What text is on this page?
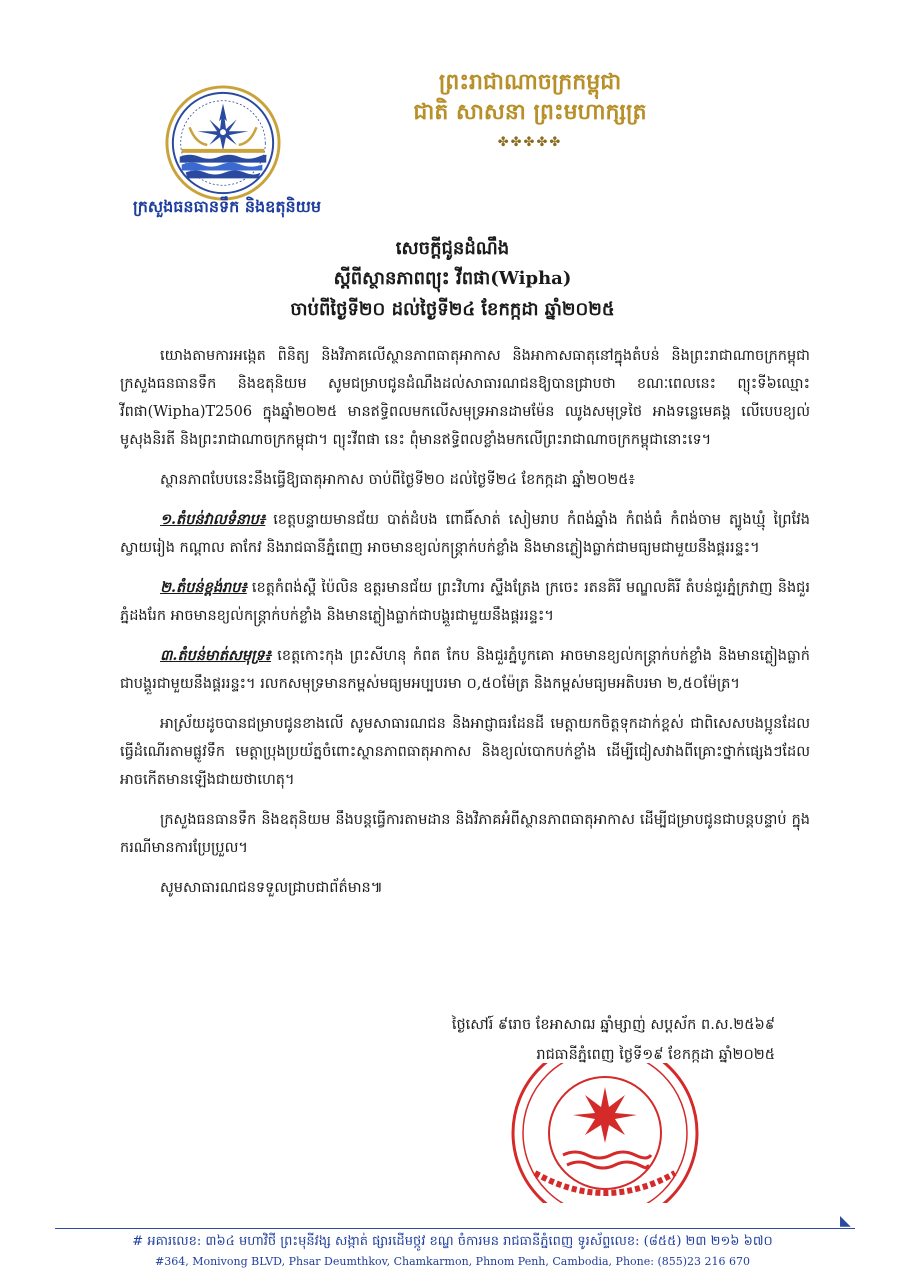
ព្រះរាជាណាចក្រកម្ពុជា
ជាតិ សាសនា ព្រះមហាក្សត្រ
✤✤✤✤✤
ក្រសួងធនធានទឹក និងឧតុនិយម
សេចក្ដីជូនដំណឹង
ស្ដីពីស្ថានភាពព្យុះ វីពផា(Wipha)
ចាប់ពីថ្ងៃទី២០ ដល់ថ្ងៃទី២៤ ខែកក្កដា ឆ្នាំ២០២៥

យោងតាមការអង្កេត ពិនិត្យ និងវិភាគលើស្ថានភាពធាតុអាកាស និងអាកាសធាតុនៅក្នុងតំបន់ និងព្រះរាជាណាចក្រកម្ពុជា ក្រសួងធនធានទឹក និងឧតុនិយម សូមជម្រាបជូនដំណឹងដល់សាធារណជនឱ្យបានជ្រាបថា ខណៈពេលនេះ ព្យុះទី៦ឈ្មោះ វីពផា(Wipha)T2506 ក្នុងឆ្នាំ២០២៥ មានឥទ្ធិពលមកលើសមុទ្រអានដាមម៉ែន ឈូងសមុទ្រថៃ អាងទន្លេមេគង្គ លើបេបខ្យល់មូសុងនិរតី និងព្រះរាជាណាចក្រកម្ពុជា។ ព្យុះវីពផា នេះ ពុំមានឥទ្ធិពលខ្លាំងមកលើព្រះរាជាណាចក្រកម្ពុជានោះទេ។

ស្ថានភាពបែបនេះនឹងធ្វើឱ្យធាតុអាកាស ចាប់ពីថ្ងៃទី២០ ដល់ថ្ងៃទី២៤ ខែកក្កដា ឆ្នាំ២០២៥៖

១.តំបន់វាលទំនាប៖ ខេត្តបន្ទាយមានជ័យ បាត់ដំបង ពោធិ៍សាត់ សៀមរាប កំពង់ឆ្នាំង កំពង់ធំ កំពង់ចាម ត្បូងឃ្មុំ ព្រៃវែង ស្វាយរៀង កណ្ដាល តាកែវ និងរាជធានីភ្នំពេញ អាចមានខ្យល់កន្ត្រាក់បក់ខ្លាំង និងមានភ្លៀងធ្លាក់ជាមធ្យមជាមួយនឹងផ្គររន្ទះ។

២.តំបន់ខ្ពង់រាប៖ ខេត្តកំពង់ស្ពឺ ប៉ៃលិន ឧត្ដរមានជ័យ ព្រះវិហារ ស្ទឹងត្រែង ក្រចេះ រតនគិរី មណ្ឌលគិរី តំបន់ជួរភ្នំក្រវាញ និងជួរភ្នំដងរែក អាចមានខ្យល់កន្ត្រាក់បក់ខ្លាំង និងមានភ្លៀងធ្លាក់ជាបង្គួរជាមួយនឹងផ្គររន្ទះ។

៣.តំបន់មាត់សមុទ្រ៖ ខេត្តកោះកុង ព្រះសីហនុ កំពត កែប និងជួរភ្នំបូកគោ អាចមានខ្យល់កន្ត្រាក់បក់ខ្លាំង និងមានភ្លៀងធ្លាក់ជាបង្គួរជាមួយនឹងផ្គររន្ទះ។ រលកសមុទ្រមានកម្ពស់មធ្យមអប្បបរមា ០,៥០ម៉ែត្រ និងកម្ពស់មធ្យមអតិបរមា ២,៥០ម៉ែត្រ។

អាស្រ័យដូចបានជម្រាបជូនខាងលើ សូមសាធារណជន និងអាជ្ញាធរដែនដី មេត្តាយកចិត្តទុកដាក់ខ្ពស់ ជាពិសេសបងប្អូនដែលធ្វើដំណើរតាមផ្លូវទឹក មេត្តាប្រុងប្រយ័ត្នចំពោះស្ថានភាពធាតុអាកាស និងខ្យល់បោកបក់ខ្លាំង ដើម្បីជៀសវាងពីគ្រោះថ្នាក់ផ្សេងៗដែលអាចកើតមានឡើងជាយថាហេតុ។

ក្រសួងធនធានទឹក និងឧតុនិយម នឹងបន្តធ្វើការតាមដាន និងវិភាគអំពីស្ថានភាពធាតុអាកាស ដើម្បីជម្រាបជូនជាបន្តបន្ទាប់ ក្នុងករណីមានការប្រែប្រួល។

សូមសាធារណជនទទួលជ្រាបជាព័ត៌មាន៕

ថ្ងៃសៅរ៍ ៩រោច ខែអាសាឍ ឆ្នាំម្សាញ់ សប្ដស័ក ព.ស.២៥៦៩
រាជធានីភ្នំពេញ ថ្ងៃទី១៩ ខែកក្កដា ឆ្នាំ២០២៥
◣
# អគារលេខ: ៣៦៤ មហាវិថី ព្រះមុនីវង្ស សង្កាត់ ផ្សារដើមថ្កូវ ខណ្ឌ ចំការមន រាជធានីភ្នំពេញ ទូរស័ព្ទលេខ: (៨៥៥) ២៣ ២១៦ ៦៧០
#364, Monivong BLVD, Phsar Deumthkov, Chamkarmon, Phnom Penh, Cambodia, Phone: (855)23 216 670
